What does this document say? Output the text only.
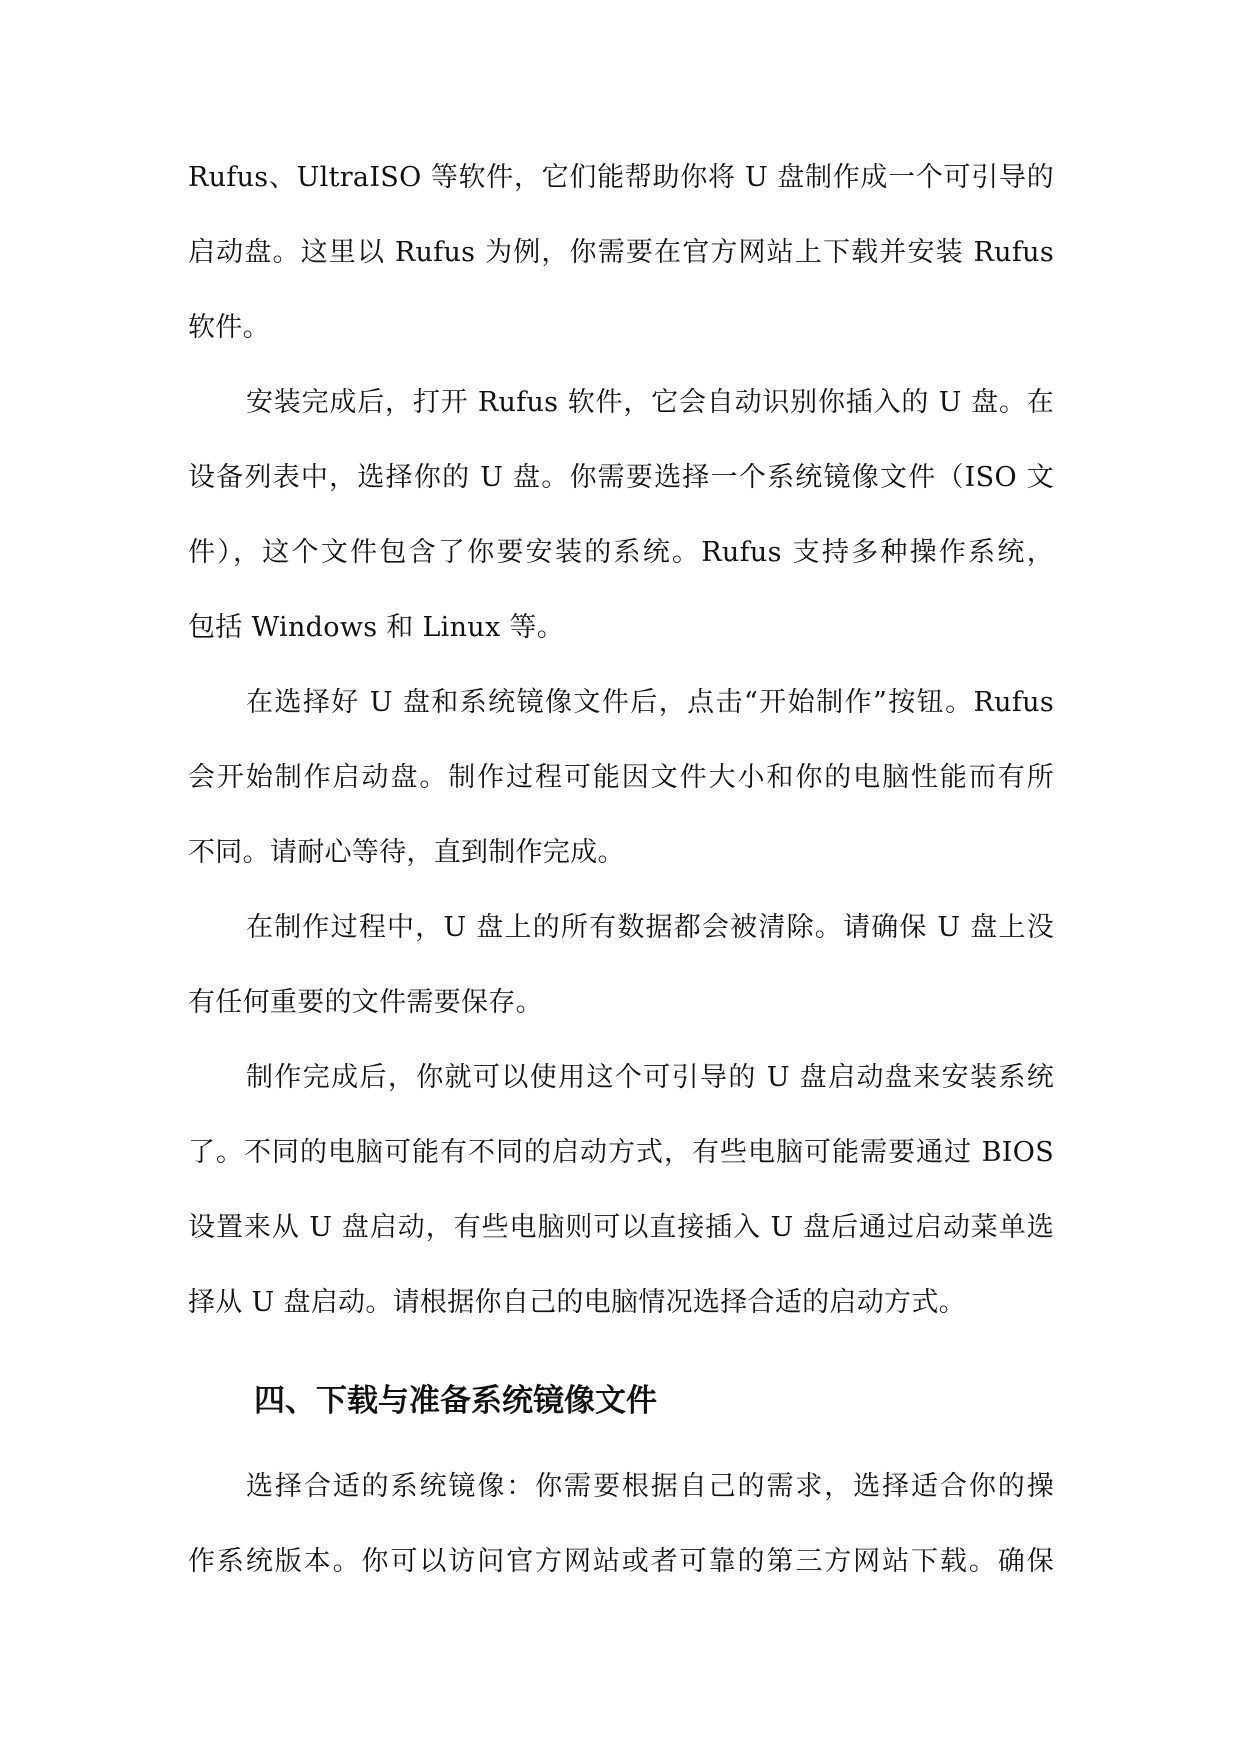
Rufus、UltraISO 等软件，它们能帮助你将 U 盘制作成一个可引导的
启动盘。这里以 Rufus 为例，你需要在官方网站上下载并安装 Rufus
软件。
安装完成后，打开 Rufus 软件，它会自动识别你插入的 U 盘。在
设备列表中，选择你的 U 盘。你需要选择一个系统镜像文件（ISO 文
件），这个文件包含了你要安装的系统。Rufus 支持多种操作系统，
包括 Windows 和 Linux 等。
在选择好 U 盘和系统镜像文件后，点击“开始制作”按钮。Rufus
会开始制作启动盘。制作过程可能因文件大小和你的电脑性能而有所
不同。请耐心等待，直到制作完成。
在制作过程中，U 盘上的所有数据都会被清除。请确保 U 盘上没
有任何重要的文件需要保存。
制作完成后，你就可以使用这个可引导的 U 盘启动盘来安装系统
了。不同的电脑可能有不同的启动方式，有些电脑可能需要通过 BIOS
设置来从 U 盘启动，有些电脑则可以直接插入 U 盘后通过启动菜单选
择从 U 盘启动。请根据你自己的电脑情况选择合适的启动方式。
四、下载与准备系统镜像文件
选择合适的系统镜像：你需要根据自己的需求，选择适合你的操
作系统版本。你可以访问官方网站或者可靠的第三方网站下载。确保
